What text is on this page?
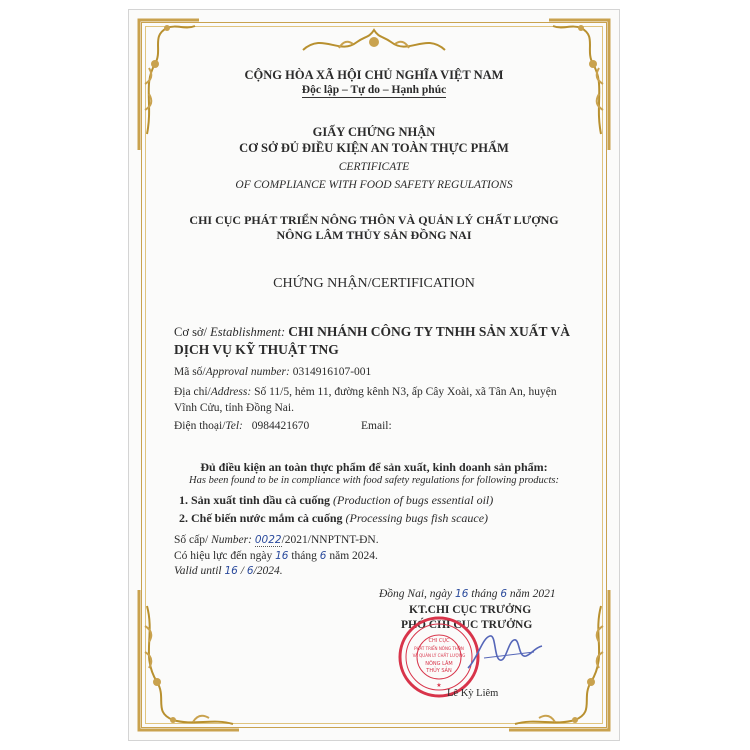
CỘNG HÒA XÃ HỘI CHỦ NGHĨA VIỆT NAM
Độc lập – Tự do – Hạnh phúc
GIẤY CHỨNG NHẬN
CƠ SỞ ĐỦ ĐIỀU KIỆN AN TOÀN THỰC PHẨM
CERTIFICATE
OF COMPLIANCE WITH FOOD SAFETY REGULATIONS
CHI CỤC PHÁT TRIỂN NÔNG THÔN VÀ QUẢN LÝ CHẤT LƯỢNG
NÔNG LÂM THỦY SẢN ĐỒNG NAI
CHỨNG NHẬN/CERTIFICATION
Cơ sở/ Establishment: CHI NHÁNH CÔNG TY TNHH SẢN XUẤT VÀ
DỊCH VỤ KỸ THUẬT TNG
Mã số/Approval number: 0314916107-001
Địa chỉ/Address: Số 11/5, hẻm 11, đường kênh N3, ấp Cây Xoài, xã Tân An, huyện
Vĩnh Cửu, tỉnh Đồng Nai.
Điện thoại/Tel: 0984421670	Email:
Đủ điều kiện an toàn thực phẩm để sản xuất, kinh doanh sản phẩm:
Has been found to be in compliance with food safety regulations for following products:
1. Sản xuất tinh dầu cà cuống (Production of bugs essential oil)
2. Chế biến nước mắm cà cuống (Processing bugs fish scauce)
Số cấp/ Number: 0022/2021/NNPTNT-ĐN.
Có hiệu lực đến ngày 16 tháng 6 năm 2024.
Valid until 16 / 6/2024.
Đồng Nai, ngày 16 tháng 6 năm 2021
KT.CHI CỤC TRƯỞNG
PHÓ CHI CỤC TRƯỞNG
CHI CỤC
PHÁT TRIỂN NÔNG THÔN
VÀ QUẢN LÝ CHẤT LƯỢNG
NÔNG LÂM
THỦY SẢN
★
Lê Kỳ Liêm
